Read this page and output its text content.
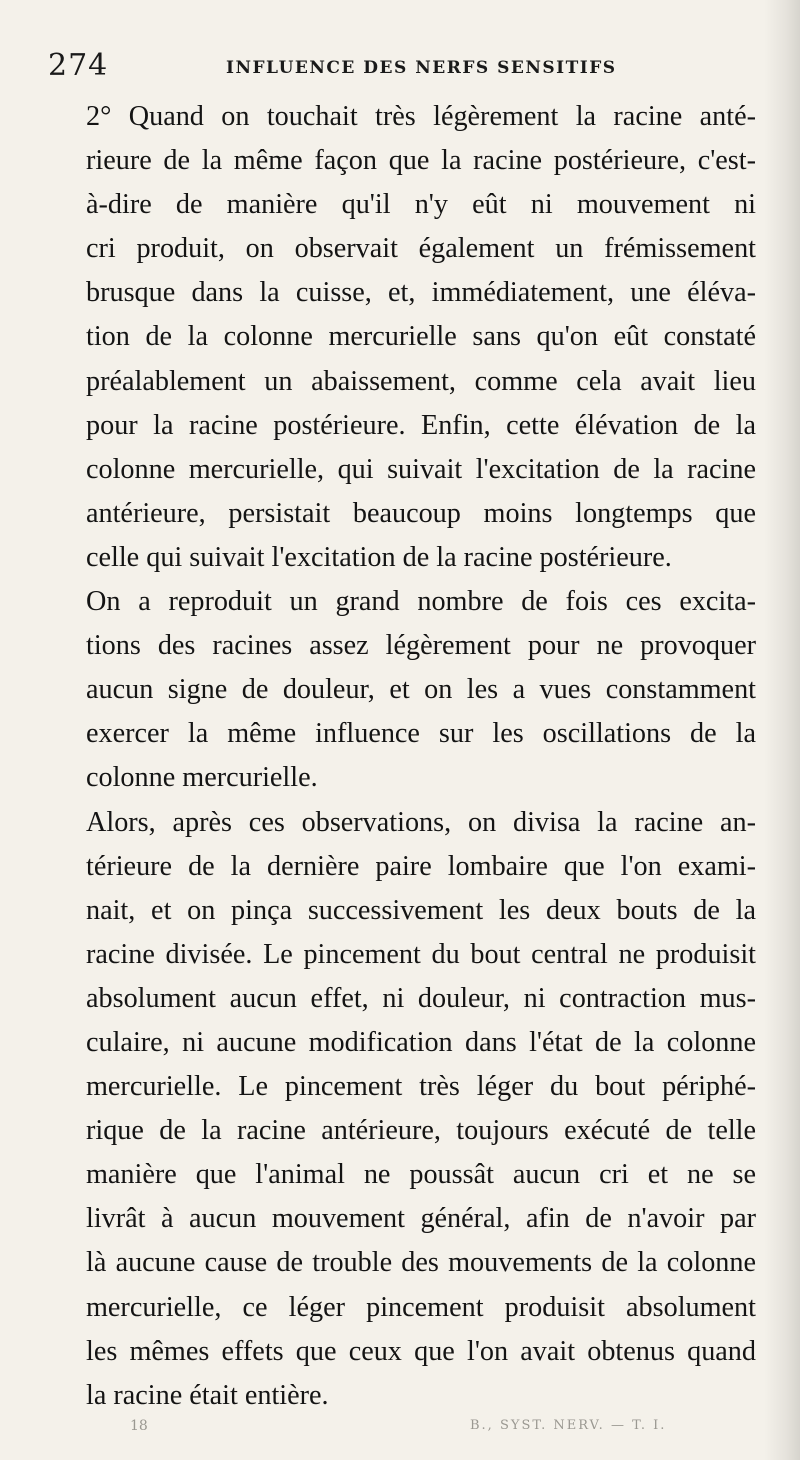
274	INFLUENCE DES NERFS SENSITIFS

2° Quand on touchait très légèrement la racine anté-
rieure de la même façon que la racine postérieure, c'est-
à-dire de manière qu'il n'y eût ni mouvement ni
cri produit, on observait également un frémissement
brusque dans la cuisse, et, immédiatement, une éléva-
tion de la colonne mercurielle sans qu'on eût constaté
préalablement un abaissement, comme cela avait lieu
pour la racine postérieure. Enfin, cette élévation de la
colonne mercurielle, qui suivait l'excitation de la racine
antérieure, persistait beaucoup moins longtemps que
celle qui suivait l'excitation de la racine postérieure.

On a reproduit un grand nombre de fois ces excita-
tions des racines assez légèrement pour ne provoquer
aucun signe de douleur, et on les a vues constamment
exercer la même influence sur les oscillations de la
colonne mercurielle.

Alors, après ces observations, on divisa la racine an-
térieure de la dernière paire lombaire que l'on exami-
nait, et on pinça successivement les deux bouts de la
racine divisée. Le pincement du bout central ne produisit
absolument aucun effet, ni douleur, ni contraction mus-
culaire, ni aucune modification dans l'état de la colonne
mercurielle. Le pincement très léger du bout périphé-
rique de la racine antérieure, toujours exécuté de telle
manière que l'animal ne poussât aucun cri et ne se
livrât à aucun mouvement général, afin de n'avoir par
là aucune cause de trouble des mouvements de la colonne
mercurielle, ce léger pincement produisit absolument
les mêmes effets que ceux que l'on avait obtenus quand
la racine était entière.

18	B., SYST. NERV. — T. I.
